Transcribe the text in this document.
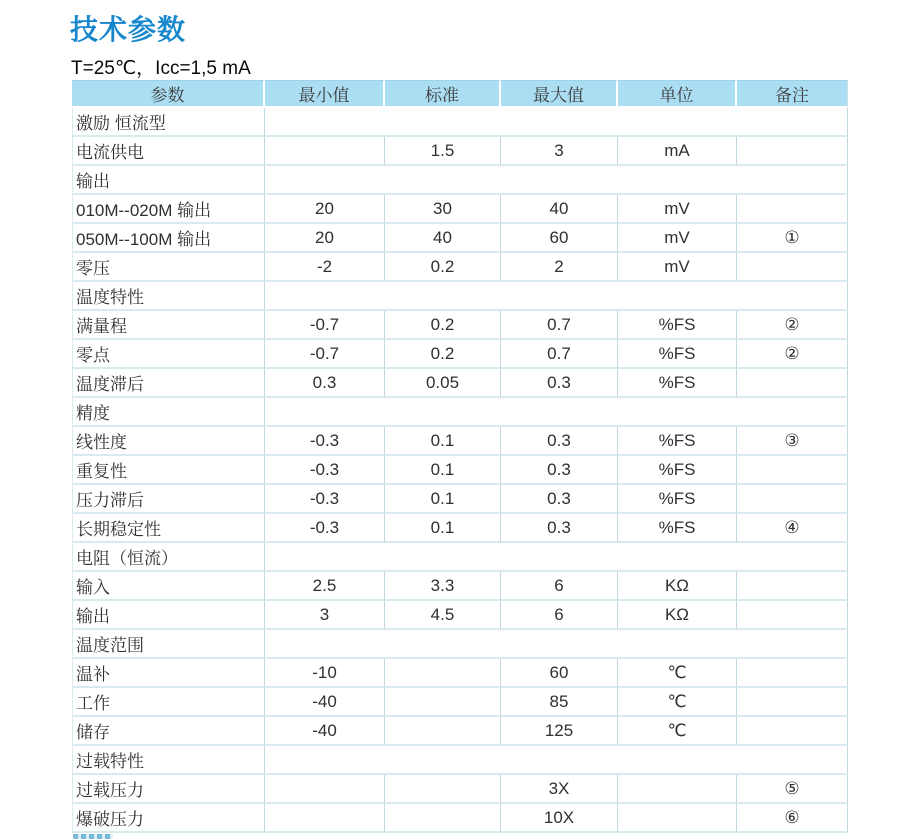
技术参数
T=25℃，Icc=1,5 mA
参数	最小值	标准	最大值	单位	备注
激励 恒流型					
电流供电		1.5	3	mA	
输出					
010M--020M 输出	20	30	40	mV	
050M--100M 输出	20	40	60	mV	①
零压	-2	0.2	2	mV	
温度特性					
满量程	-0.7	0.2	0.7	%FS	②
零点	-0.7	0.2	0.7	%FS	②
温度滞后	0.3	0.05	0.3	%FS	
精度					
线性度	-0.3	0.1	0.3	%FS	③
重复性	-0.3	0.1	0.3	%FS	
压力滞后	-0.3	0.1	0.3	%FS	
长期稳定性	-0.3	0.1	0.3	%FS	④
电阻（恒流）					
输入	2.5	3.3	6	KΩ	
输出	3	4.5	6	KΩ	
温度范围					
温补	-10		60	℃	
工作	-40		85	℃	
储存	-40		125	℃	
过载特性					
过载压力			3X		⑤
爆破压力			10X		⑥
